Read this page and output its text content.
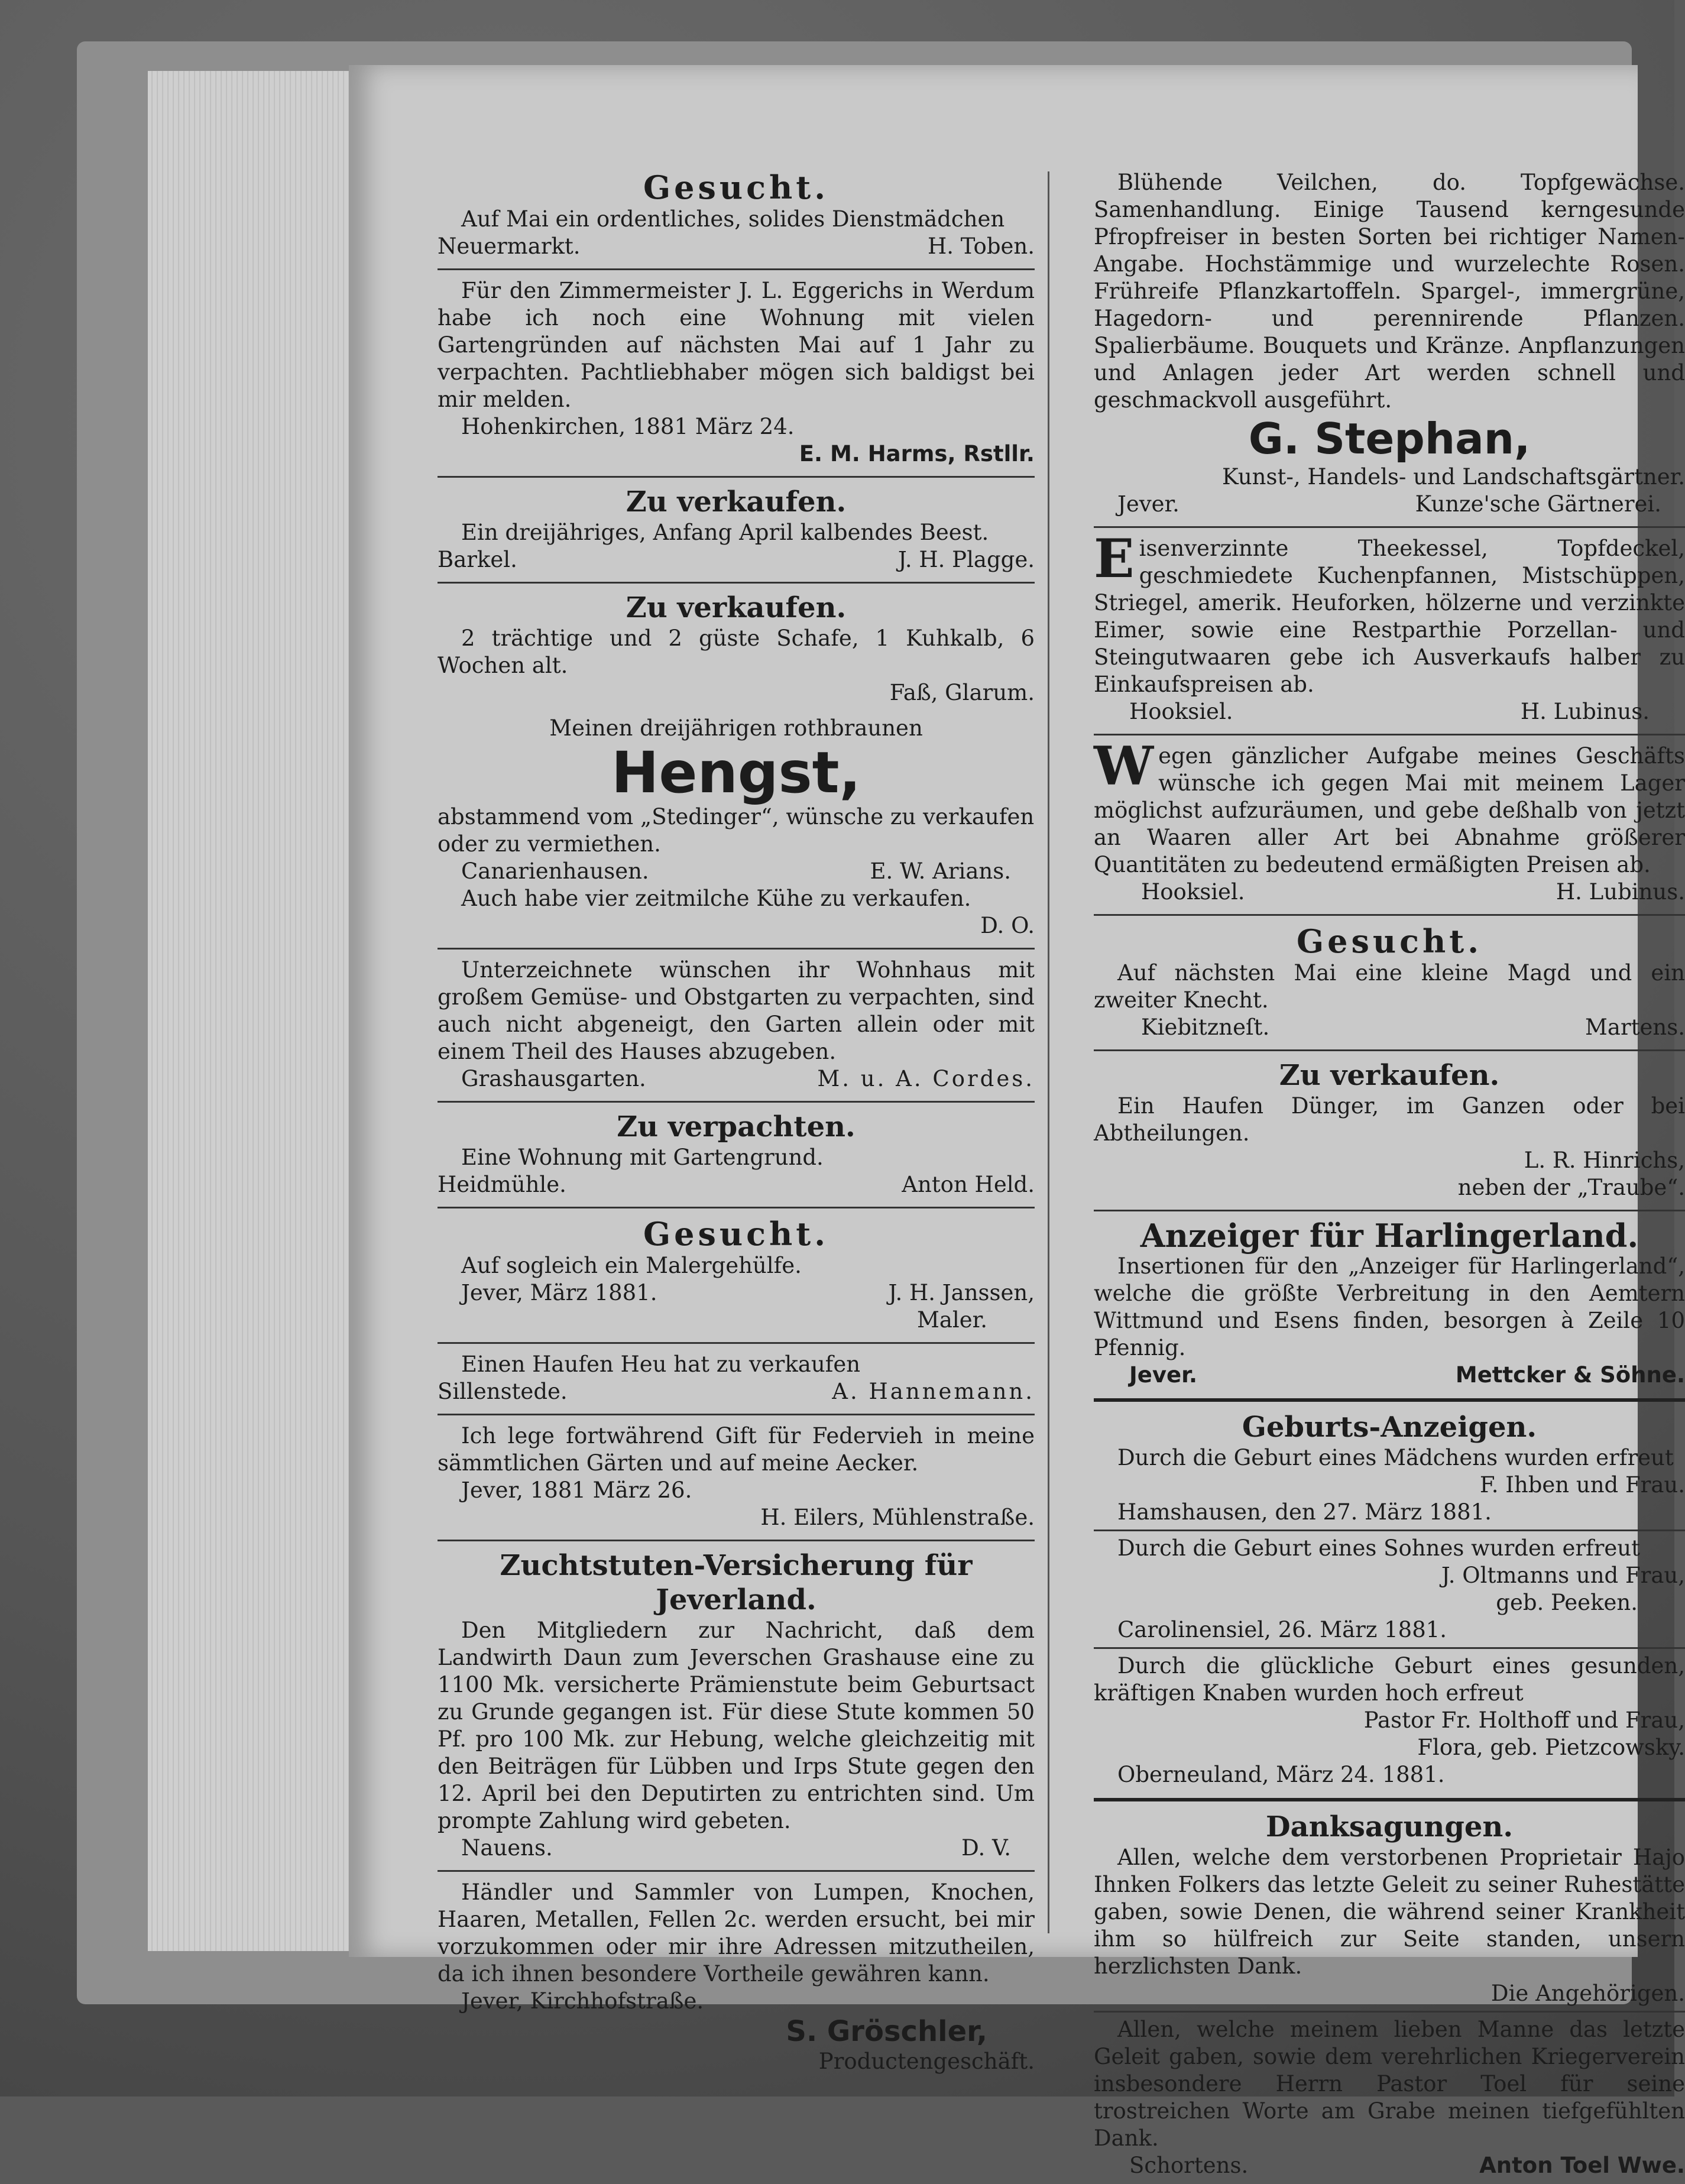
Gesucht.
Auf Mai ein ordentliches, solides Dienstmädchen
Neuermarkt.	H. Toben.
Für den Zimmermeister J. L. Eggerichs in Werdum habe ich noch eine Wohnung mit vielen Gartengründen auf nächsten Mai auf 1 Jahr zu verpachten. Pachtliebhaber mögen sich baldigst bei mir melden.
Hohenkirchen, 1881 März 24.
E. M. Harms, Rstllr.
Zu verkaufen.
Ein dreijähriges, Anfang April kalbendes Beest.
Barkel.	J. H. Plagge.
Zu verkaufen.
2 trächtige und 2 güste Schafe, 1 Kuhkalb, 6 Wochen alt.
Faß, Glarum.
Meinen dreijährigen rothbraunen
Hengst,
abstammend vom „Stedinger“, wünsche zu verkaufen oder zu vermiethen.
Canarienhausen.	E. W. Arians.
Auch habe vier zeitmilche Kühe zu verkaufen.
D. O.
Unterzeichnete wünschen ihr Wohnhaus mit großem Gemüse- und Obstgarten zu verpachten, sind auch nicht abgeneigt, den Garten allein oder mit einem Theil des Hauses abzugeben.
Grashausgarten.	M. u. A. Cordes.
Zu verpachten.
Eine Wohnung mit Gartengrund.
Heidmühle.	Anton Held.
Gesucht.
Auf sogleich ein Malergehülfe.
Jever, März 1881.	J. H. Janssen,
Maler.
Einen Haufen Heu hat zu verkaufen
Sillenstede.	A. Hannemann.
Ich lege fortwährend Gift für Federvieh in meine sämmtlichen Gärten und auf meine Aecker.
Jever, 1881 März 26.
H. Eilers, Mühlenstraße.
Zuchtstuten-Versicherung für Jeverland.
Den Mitgliedern zur Nachricht, daß dem Landwirth Daun zum Jeverschen Grashause eine zu 1100 Mk. versicherte Prämienstute beim Geburtsact zu Grunde gegangen ist. Für diese Stute kommen 50 Pf. pro 100 Mk. zur Hebung, welche gleichzeitig mit den Beiträgen für Lübben und Irps Stute gegen den 12. April bei den Deputirten zu entrichten sind. Um prompte Zahlung wird gebeten.
Nauens.	D. V.
Händler und Sammler von Lumpen, Knochen, Haaren, Metallen, Fellen 2c. werden ersucht, bei mir vorzukommen oder mir ihre Adressen mitzutheilen, da ich ihnen besondere Vortheile gewähren kann.
Jever, Kirchhofstraße.
S. Gröschler,
Productengeschäft.
Blühende Veilchen, do. Topfgewächse. Samenhandlung. Einige Tausend kerngesunde Pfropfreiser in besten Sorten bei richtiger Namen-Angabe. Hochstämmige und wurzelechte Rosen. Frühreife Pflanzkartoffeln. Spargel-, immergrüne, Hagedorn- und perennirende Pflanzen. Spalierbäume. Bouquets und Kränze. Anpflanzungen und Anlagen jeder Art werden schnell und geschmackvoll ausgeführt.
G. Stephan,
Kunst-, Handels- und Landschaftsgärtner.
Jever.	Kunze'sche Gärtnerei.
E isenverzinnte Theekessel, Topfdeckel, geschmiedete Kuchenpfannen, Mistschüppen, Striegel, amerik. Heuforken, hölzerne und verzinkte Eimer, sowie eine Restparthie Porzellan- und Steingutwaaren gebe ich Ausverkaufs halber zu Einkaufspreisen ab.
Hooksiel.	H. Lubinus.
W egen gänzlicher Aufgabe meines Geschäfts wünsche ich gegen Mai mit meinem Lager möglichst aufzuräumen, und gebe deßhalb von jetzt an Waaren aller Art bei Abnahme größerer Quantitäten zu bedeutend ermäßigten Preisen ab.
Hooksiel.	H. Lubinus.
Gesucht.
Auf nächsten Mai eine kleine Magd und ein zweiter Knecht.
Kiebitzneſt.	Martens.
Zu verkaufen.
Ein Haufen Dünger, im Ganzen oder bei Abtheilungen.
L. R. Hinrichs,
neben der „Traube“.
Anzeiger für Harlingerland.
Insertionen für den „Anzeiger für Harlingerland“, welche die größte Verbreitung in den Aemtern Wittmund und Esens finden, besorgen à Zeile 10 Pfennig.
Jever.	Mettcker & Söhne.
Geburts-Anzeigen.
Durch die Geburt eines Mädchens wurden erfreut
F. Ihben und Frau.
Hamshausen, den 27. März 1881.
Durch die Geburt eines Sohnes wurden erfreut
J. Oltmanns und Frau,
geb. Peeken.
Carolinensiel, 26. März 1881.
Durch die glückliche Geburt eines gesunden, kräftigen Knaben wurden hoch erfreut
Pastor Fr. Holthoff und Frau,
Flora, geb. Pietzcowsky.
Oberneuland, März 24. 1881.
Danksagungen.
Allen, welche dem verstorbenen Proprietair Hajo Ihnken Folkers das letzte Geleit zu seiner Ruhestätte gaben, sowie Denen, die während seiner Krankheit ihm so hülfreich zur Seite standen, unsern herzlichsten Dank.
Die Angehörigen.
Allen, welche meinem lieben Manne das letzte Geleit gaben, sowie dem verehrlichen Kriegerverein insbesondere Herrn Pastor Toel für seine trostreichen Worte am Grabe meinen tiefgefühlten Dank.
Schortens.	Anton Toel Wwe.
